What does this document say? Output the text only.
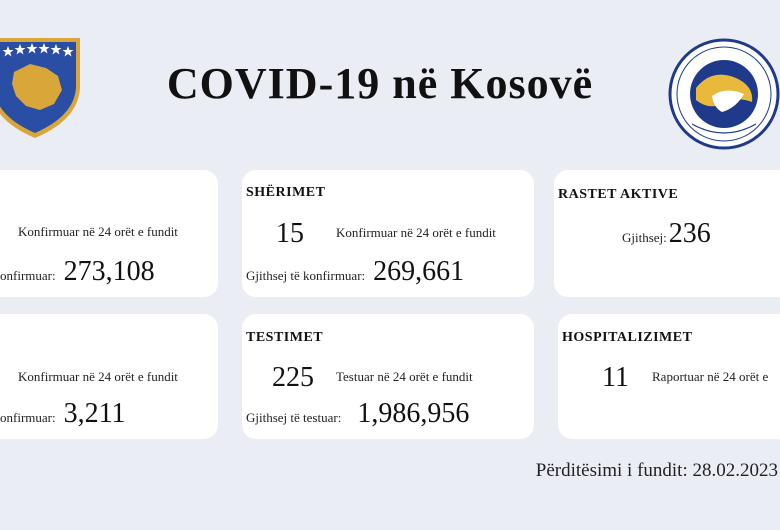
COVID-19 në Kosovë
Konfirmuar në 24 orët e fundit
onfirmuar: 273,108
SHËRIMET
15 Konfirmuar në 24 orët e fundit
Gjithsej të konfirmuar: 269,661
RASTET AKTIVE
Gjithsej: 236
Konfirmuar në 24 orët e fundit
onfirmuar: 3,211
TESTIMET
225 Testuar në 24 orët e fundit
Gjithsej të testuar: 1,986,956
HOSPITALIZIMET
11 Raportuar në 24 orët e
Përditësimi i fundit: 28.02.2023
